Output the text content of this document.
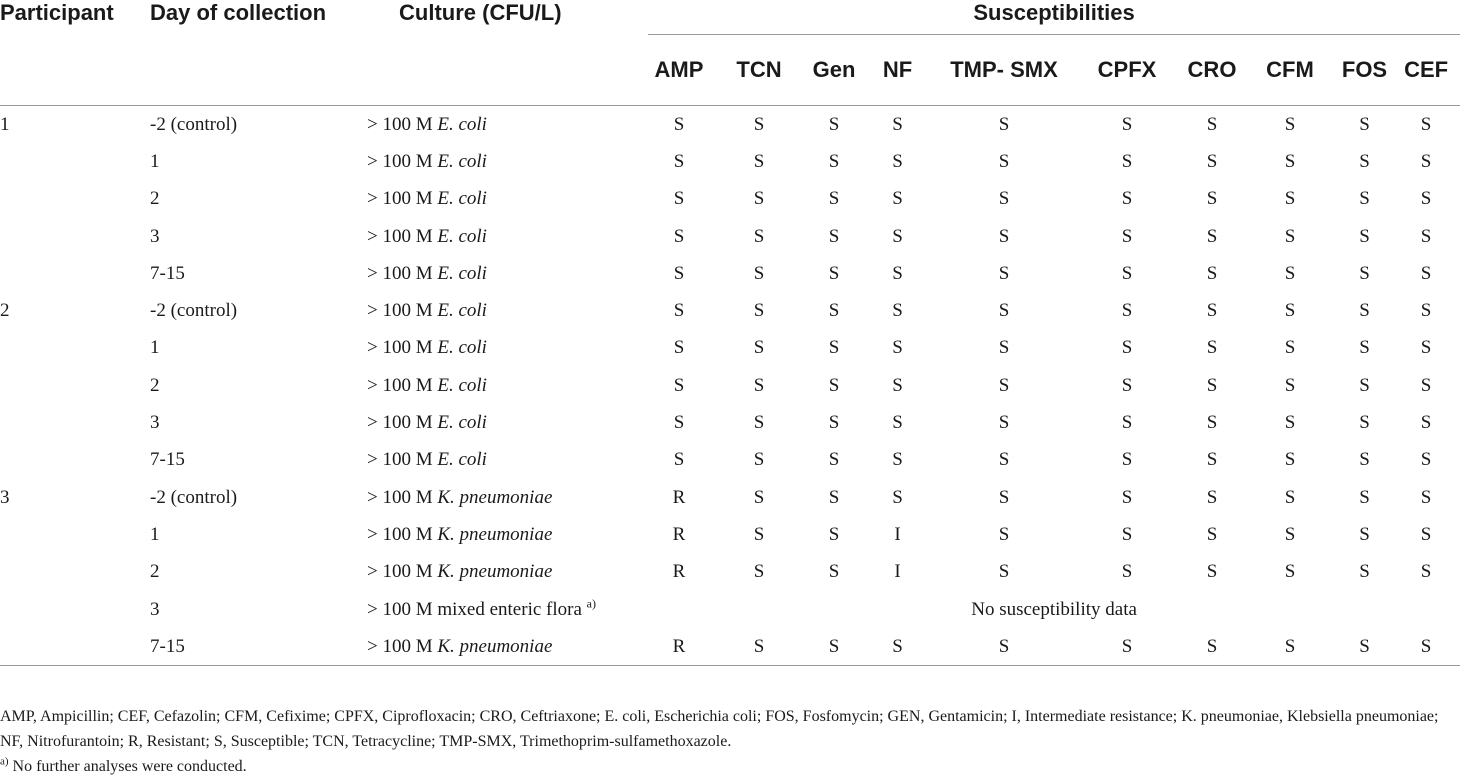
Participant	Day of collection	Culture (CFU/L)	Susceptibilities									
			AMP	TCN	Gen	NF	TMP- SMX	CPFX	CRO	CFM	FOS	CEF
1	-2 (control)	> 100 M E. coli	S	S	S	S	S	S	S	S	S	S
	1	> 100 M E. coli	S	S	S	S	S	S	S	S	S	S
	2	> 100 M E. coli	S	S	S	S	S	S	S	S	S	S
	3	> 100 M E. coli	S	S	S	S	S	S	S	S	S	S
	7-15	> 100 M E. coli	S	S	S	S	S	S	S	S	S	S
2	-2 (control)	> 100 M E. coli	S	S	S	S	S	S	S	S	S	S
	1	> 100 M E. coli	S	S	S	S	S	S	S	S	S	S
	2	> 100 M E. coli	S	S	S	S	S	S	S	S	S	S
	3	> 100 M E. coli	S	S	S	S	S	S	S	S	S	S
	7-15	> 100 M E. coli	S	S	S	S	S	S	S	S	S	S
3	-2 (control)	> 100 M K. pneumoniae	R	S	S	S	S	S	S	S	S	S
	1	> 100 M K. pneumoniae	R	S	S	I	S	S	S	S	S	S
	2	> 100 M K. pneumoniae	R	S	S	I	S	S	S	S	S	S
	3	> 100 M mixed enteric flora $^{a)}$	No susceptibility data									
	7-15	> 100 M K. pneumoniae	R	S	S	S	S	S	S	S	S	S

AMP, Ampicillin; CEF, Cefazolin; CFM, Cefixime; CPFX, Ciprofloxacin; CRO, Ceftriaxone; E. coli, Escherichia coli; FOS, Fosfomycin; GEN, Gentamicin; I, Intermediate resistance; K. pneumoniae, Klebsiella pneumoniae; NF, Nitrofurantoin; R, Resistant; S, Susceptible; TCN, Tetracycline; TMP-SMX, Trimethoprim-sulfamethoxazole.

$^{a)}$ No further analyses were conducted.
